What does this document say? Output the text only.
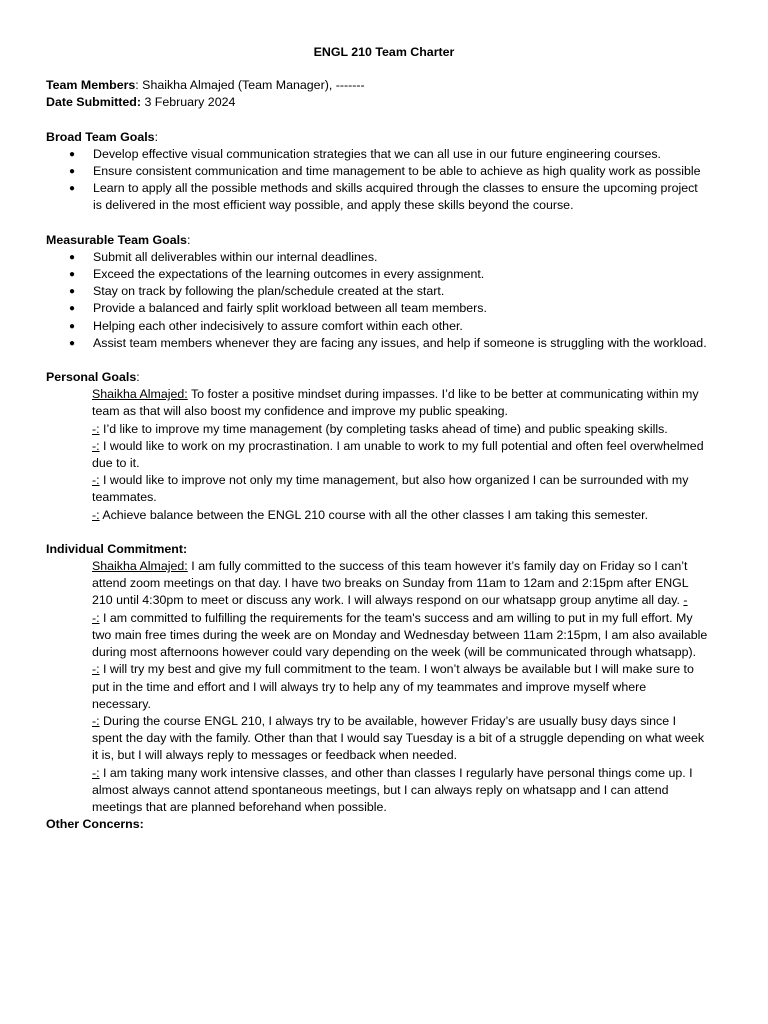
ENGL 210 Team Charter

Team Members: Shaikha Almajed (Team Manager), -------

Date Submitted: 3 February 2024

Broad Team Goals:
● Develop effective visual communication strategies that we can all use in our future engineering courses.
● Ensure consistent communication and time management to be able to achieve as high quality work as possible
● Learn to apply all the possible methods and skills acquired through the classes to ensure the upcoming project is delivered in the most efficient way possible, and apply these skills beyond the course.
Measurable Team Goals:
● Submit all deliverables within our internal deadlines.
● Exceed the expectations of the learning outcomes in every assignment.
● Stay on track by following the plan/schedule created at the start.
● Provide a balanced and fairly split workload between all team members.
● Helping each other indecisively to assure comfort within each other.
● Assist team members whenever they are facing any issues, and help if someone is struggling with the workload.
Personal Goals:

Shaikha Almajed: To foster a positive mindset during impasses. I’d like to be better at communicating within my team as that will also boost my confidence and improve my public speaking.

-: I’d like to improve my time management (by completing tasks ahead of time) and public speaking skills.

-: I would like to work on my procrastination. I am unable to work to my full potential and often feel overwhelmed due to it.

-: I would like to improve not only my time management, but also how organized I can be surrounded with my teammates.

-: Achieve balance between the ENGL 210 course with all the other classes I am taking this semester.

Individual Commitment:

Shaikha Almajed: I am fully committed to the success of this team however it’s family day on Friday so I can’t attend zoom meetings on that day. I have two breaks on Sunday from 11am to 12am and 2:15pm after ENGL 210 until 4:30pm to meet or discuss any work. I will always respond on our whatsapp group anytime all day. -

-: I am committed to fulfilling the requirements for the team's success and am willing to put in my full effort. My two main free times during the week are on Monday and Wednesday between 11am 2:15pm, I am also available during most afternoons however could vary depending on the week (will be communicated through whatsapp).

-: I will try my best and give my full commitment to the team. I won’t always be available but I will make sure to put in the time and effort and I will always try to help any of my teammates and improve myself where necessary.

-: During the course ENGL 210, I always try to be available, however Friday’s are usually busy days since I spent the day with the family. Other than that I would say Tuesday is a bit of a struggle depending on what week it is, but I will always reply to messages or feedback when needed.

-: I am taking many work intensive classes, and other than classes I regularly have personal things come up. I almost always cannot attend spontaneous meetings, but I can always reply on whatsapp and I can attend meetings that are planned beforehand when possible.

Other Concerns:
